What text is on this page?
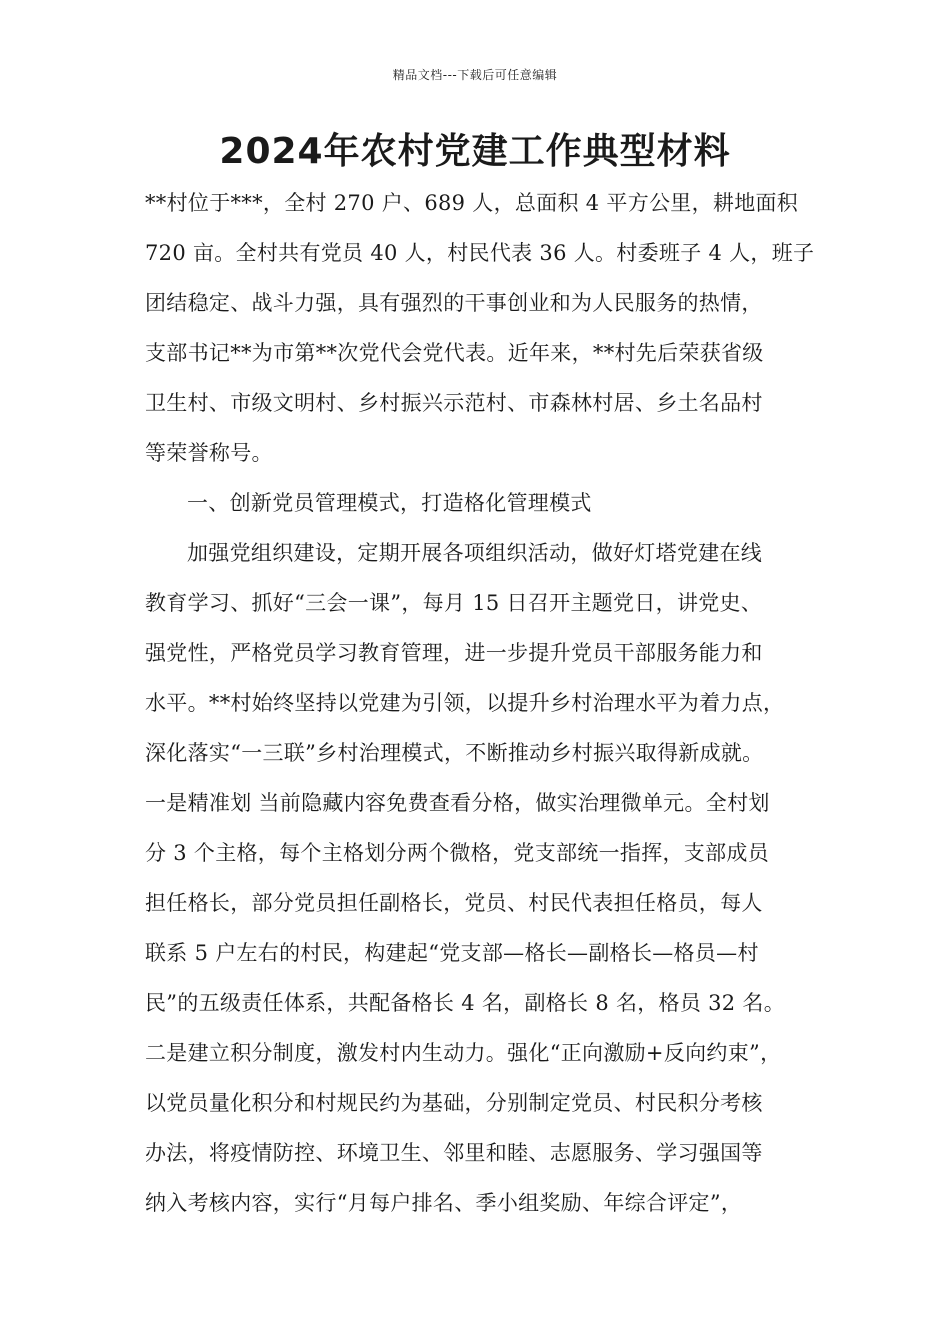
精品文档---下载后可任意编辑
2024年农村党建工作典型材料
**村位于***，全村 270 户、689 人，总面积 4 平方公里，耕地面积
720 亩。全村共有党员 40 人，村民代表 36 人。村委班子 4 人，班子
团结稳定、战斗力强，具有强烈的干事创业和为人民服务的热情，
支部书记**为市第**次党代会党代表。近年来，**村先后荣获省级
卫生村、市级文明村、乡村振兴示范村、市森林村居、乡土名品村
等荣誉称号。
一、创新党员管理模式，打造格化管理模式
加强党组织建设，定期开展各项组织活动，做好灯塔党建在线
教育学习、抓好“三会一课”，每月 15 日召开主题党日，讲党史、
强党性，严格党员学习教育管理，进一步提升党员干部服务能力和
水平。**村始终坚持以党建为引领，以提升乡村治理水平为着力点，
深化落实“一三联”乡村治理模式，不断推动乡村振兴取得新成就。
一是精准划 当前隐藏内容免费查看分格，做实治理微单元。全村划
分 3 个主格，每个主格划分两个微格，党支部统一指挥，支部成员
担任格长，部分党员担任副格长，党员、村民代表担任格员，每人
联系 5 户左右的村民，构建起“党支部—格长—副格长—格员—村
民”的五级责任体系，共配备格长 4 名，副格长 8 名，格员 32 名。
二是建立积分制度，激发村内生动力。强化“正向激励+反向约束”，
以党员量化积分和村规民约为基础，分别制定党员、村民积分考核
办法，将疫情防控、环境卫生、邻里和睦、志愿服务、学习强国等
纳入考核内容，实行“月每户排名、季小组奖励、年综合评定”，
